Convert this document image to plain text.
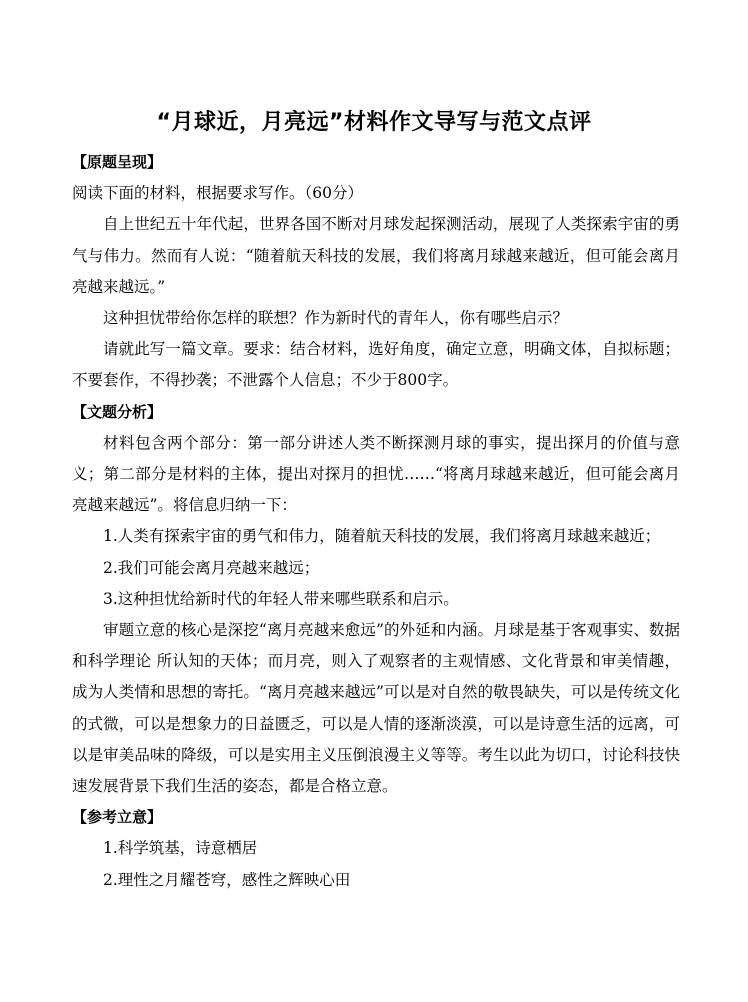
“月球近，月亮远”材料作文导写与范文点评
【原题呈现】
阅读下面的材料，根据要求写作。（60分）
自上世纪五十年代起，世界各国不断对月球发起探测活动，展现了人类探索宇宙的勇气与伟力。然而有人说：“随着航天科技的发展，我们将离月球越来越近，但可能会离月亮越来越远。”
这种担忧带给你怎样的联想？作为新时代的青年人，你有哪些启示？
请就此写一篇文章。要求：结合材料，选好角度，确定立意，明确文体，自拟标题；不要套作，不得抄袭；不泄露个人信息；不少于800字。
【文题分析】
材料包含两个部分：第一部分讲述人类不断探测月球的事实，提出探月的价值与意义；第二部分是材料的主体，提出对探月的担忧……“将离月球越来越近，但可能会离月亮越来越远”。将信息归纳一下：
1.人类有探索宇宙的勇气和伟力，随着航天科技的发展，我们将离月球越来越近；
2.我们可能会离月亮越来越远；
3.这种担忧给新时代的年轻人带来哪些联系和启示。
审题立意的核心是深挖“离月亮越来愈远”的外延和内涵。月球是基于客观事实、数据和科学理论 所认知的天体；而月亮，则入了观察者的主观情感、文化背景和审美情趣，成为人类情和思想的寄托。“离月亮越来越远”可以是对自然的敬畏缺失，可以是传统文化的式微，可以是想象力的日益匮乏，可以是人情的逐渐淡漠，可以是诗意生活的远离，可以是审美品味的降级，可以是实用主义压倒浪漫主义等等。考生以此为切口，讨论科技快速发展背景下我们生活的姿态，都是合格立意。
【参考立意】
1.科学筑基，诗意栖居
2.理性之月耀苍穹，感性之辉映心田
